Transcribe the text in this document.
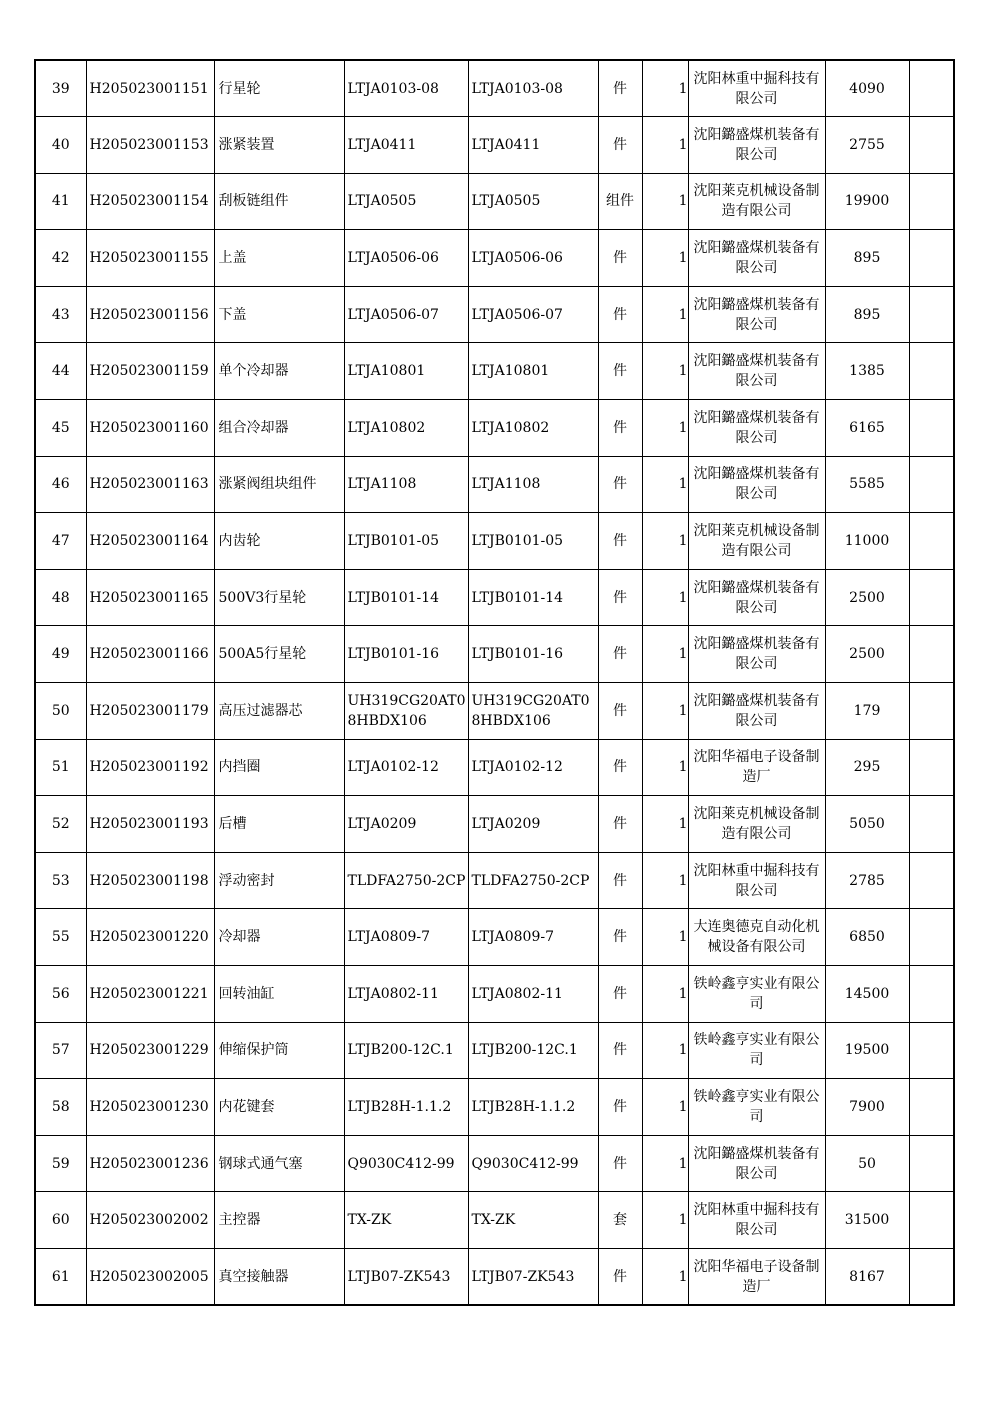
39	H205023001151	行星轮	LTJA0103-08	LTJA0103-08	件	1	沈阳林重中掘科技有限公司	4090	
40	H205023001153	涨紧装置	LTJA0411	LTJA0411	件	1	沈阳鏴盛煤机装备有限公司	2755	
41	H205023001154	刮板链组件	LTJA0505	LTJA0505	组件	1	沈阳莱克机械设备制造有限公司	19900	
42	H205023001155	上盖	LTJA0506-06	LTJA0506-06	件	1	沈阳鏴盛煤机装备有限公司	895	
43	H205023001156	下盖	LTJA0506-07	LTJA0506-07	件	1	沈阳鏴盛煤机装备有限公司	895	
44	H205023001159	单个冷却器	LTJA10801	LTJA10801	件	1	沈阳鏴盛煤机装备有限公司	1385	
45	H205023001160	组合冷却器	LTJA10802	LTJA10802	件	1	沈阳鏴盛煤机装备有限公司	6165	
46	H205023001163	涨紧阀组块组件	LTJA1108	LTJA1108	件	1	沈阳鏴盛煤机装备有限公司	5585	
47	H205023001164	内齿轮	LTJB0101-05	LTJB0101-05	件	1	沈阳莱克机械设备制造有限公司	11000	
48	H205023001165	500V3行星轮	LTJB0101-14	LTJB0101-14	件	1	沈阳鏴盛煤机装备有限公司	2500	
49	H205023001166	500A5行星轮	LTJB0101-16	LTJB0101-16	件	1	沈阳鏴盛煤机装备有限公司	2500	
50	H205023001179	高压过滤器芯	UH319CG20AT08HBDX106	UH319CG20AT08HBDX106	件	1	沈阳鏴盛煤机装备有限公司	179	
51	H205023001192	内挡圈	LTJA0102-12	LTJA0102-12	件	1	沈阳华福电子设备制造厂	295	
52	H205023001193	后槽	LTJA0209	LTJA0209	件	1	沈阳莱克机械设备制造有限公司	5050	
53	H205023001198	浮动密封	TLDFA2750-2CP	TLDFA2750-2CP	件	1	沈阳林重中掘科技有限公司	2785	
55	H205023001220	冷却器	LTJA0809-7	LTJA0809-7	件	1	大连奥德克自动化机械设备有限公司	6850	
56	H205023001221	回转油缸	LTJA0802-11	LTJA0802-11	件	1	铁岭鑫亨实业有限公司	14500	
57	H205023001229	伸缩保护筒	LTJB200-12C.1	LTJB200-12C.1	件	1	铁岭鑫亨实业有限公司	19500	
58	H205023001230	内花键套	LTJB28H-1.1.2	LTJB28H-1.1.2	件	1	铁岭鑫亨实业有限公司	7900	
59	H205023001236	钢球式通气塞	Q9030C412-99	Q9030C412-99	件	1	沈阳鏴盛煤机装备有限公司	50	
60	H205023002002	主控器	TX-ZK	TX-ZK	套	1	沈阳林重中掘科技有限公司	31500	
61	H205023002005	真空接触器	LTJB07-ZK543	LTJB07-ZK543	件	1	沈阳华福电子设备制造厂	8167	
